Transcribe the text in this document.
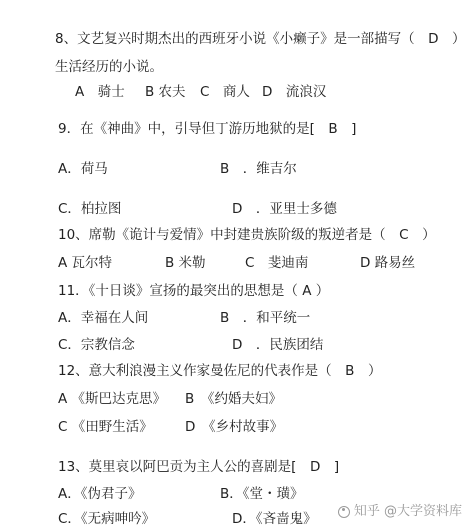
8、文艺复兴时期杰出的西班牙小说《小癞子》是一部描写（　D　）
生活经历的小说。
A　骑士 B 农夫 C　商人 D　流浪汉
9．在《神曲》中，引导但丁游历地狱的是[　B　]
A．荷马	B　．维吉尔
C．柏拉图	D　．亚里士多德
10、席勒《诡计与爱情》中封建贵族阶级的叛逆者是（　C　）
A 瓦尔特	B 米勒	C　斐迪南	D 路易丝
11．《十日谈》宣扬的最突出的思想是（ A ）
A．幸福在人间	B　．和平统一
C．宗教信念	D　．民族团结
12、意大利浪漫主义作家曼佐尼的代表作是（　B　）
A 《斯巴达克思》 B　《约婚夫妇》
C 《田野生活》 D　《乡村故事》
13、莫里哀以阿巴贡为主人公的喜剧是[　D　]
A．《伪君子》	B．《堂・璜》
C．《无病呻吟》	D．《吝啬鬼》	知乎 @大学资料库
